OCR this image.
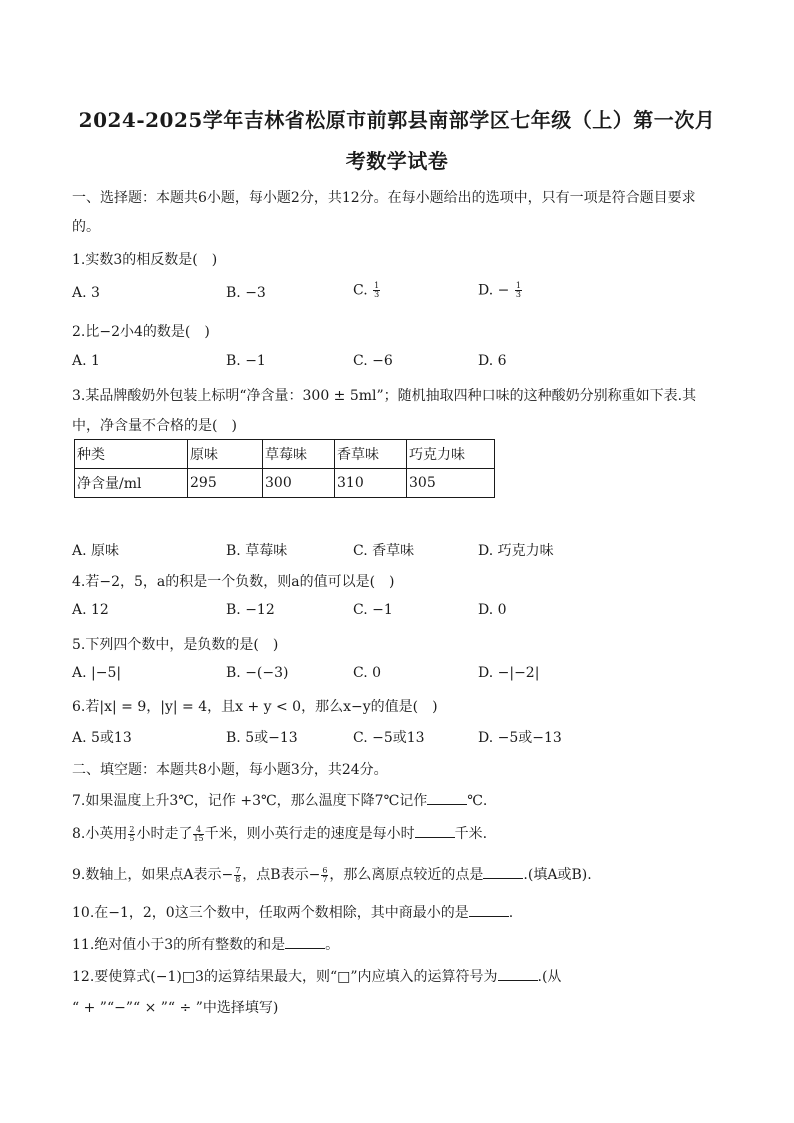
2024-2025学年吉林省松原市前郭县南部学区七年级（上）第一次月
考数学试卷
一、选择题：本题共6小题，每小题2分，共12分。在每小题给出的选项中，只有一项是符合题目要求
的。
1.实数3的相反数是(　)
A. 3	B. −3	C. $\frac{1}{3}$	D. − $\frac{1}{3}$
2.比−2小4的数是(　)
A. 1	B. −1	C. −6	D. 6
3.某品牌酸奶外包装上标明“净含量：300 ± 5ml”；随机抽取四种口味的这种酸奶分别称重如下表.其
中，净含量不合格的是(　)
种类	原味	草莓味	香草味	巧克力味
净含量/ml	295	300	310	305
A. 原味	B. 草莓味	C. 香草味	D. 巧克力味
4.若−2，5，a的积是一个负数，则a的值可以是(　)
A. 12	B. −12	C. −1	D. 0
5.下列四个数中，是负数的是(　)
A. |−5|	B. −(−3)	C. 0	D. −|−2|
6.若|x| = 9，|y| = 4，且x + y < 0，那么x−y的值是(　)
A. 5或13	B. 5或−13	C. −5或13	D. −5或−13
二、填空题：本题共8小题，每小题3分，共24分。
7.如果温度上升3℃，记作 +3℃，那么温度下降7℃记作	℃.
8.小英用 $\frac{2}{5}$ 小时走了 $\frac{4}{15}$ 千米，则小英行走的速度是每小时	千米.
9.数轴上，如果点A表示− $\frac{7}{8}$ ，点B表示− $\frac{6}{7}$ ，那么离原点较近的点是	.(填A或B).
10.在−1，2，0这三个数中，任取两个数相除，其中商最小的是	.
11.绝对值小于3的所有整数的和是	。
12.要使算式(−1)□3的运算结果最大，则“□”内应填入的运算符号为	.(从
“ + ”“−”“ × ”“ ÷ ”中选择填写)
